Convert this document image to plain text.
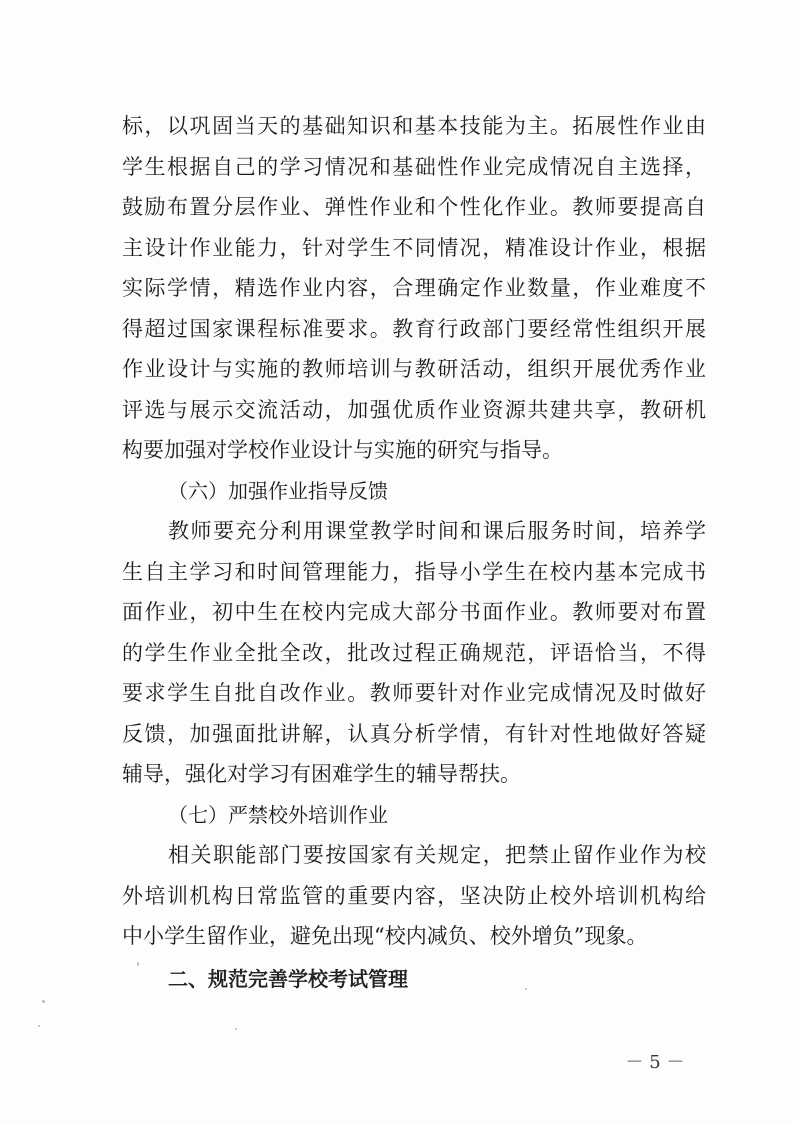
标，以巩固当天的基础知识和基本技能为主。拓展性作业由
学生根据自己的学习情况和基础性作业完成情况自主选择，
鼓励布置分层作业、弹性作业和个性化作业。教师要提高自
主设计作业能力，针对学生不同情况，精准设计作业，根据
实际学情，精选作业内容，合理确定作业数量，作业难度不
得超过国家课程标准要求。教育行政部门要经常性组织开展
作业设计与实施的教师培训与教研活动，组织开展优秀作业
评选与展示交流活动，加强优质作业资源共建共享，教研机
构要加强对学校作业设计与实施的研究与指导。
（六）加强作业指导反馈
教师要充分利用课堂教学时间和课后服务时间，培养学
生自主学习和时间管理能力，指导小学生在校内基本完成书
面作业，初中生在校内完成大部分书面作业。教师要对布置
的学生作业全批全改，批改过程正确规范，评语恰当，不得
要求学生自批自改作业。教师要针对作业完成情况及时做好
反馈，加强面批讲解，认真分析学情，有针对性地做好答疑
辅导，强化对学习有困难学生的辅导帮扶。
（七）严禁校外培训作业
相关职能部门要按国家有关规定，把禁止留作业作为校
外培训机构日常监管的重要内容，坚决防止校外培训机构给
中小学生留作业，避免出现“校内减负、校外增负”现象。
二、规范完善学校考试管理
－ 5 －
